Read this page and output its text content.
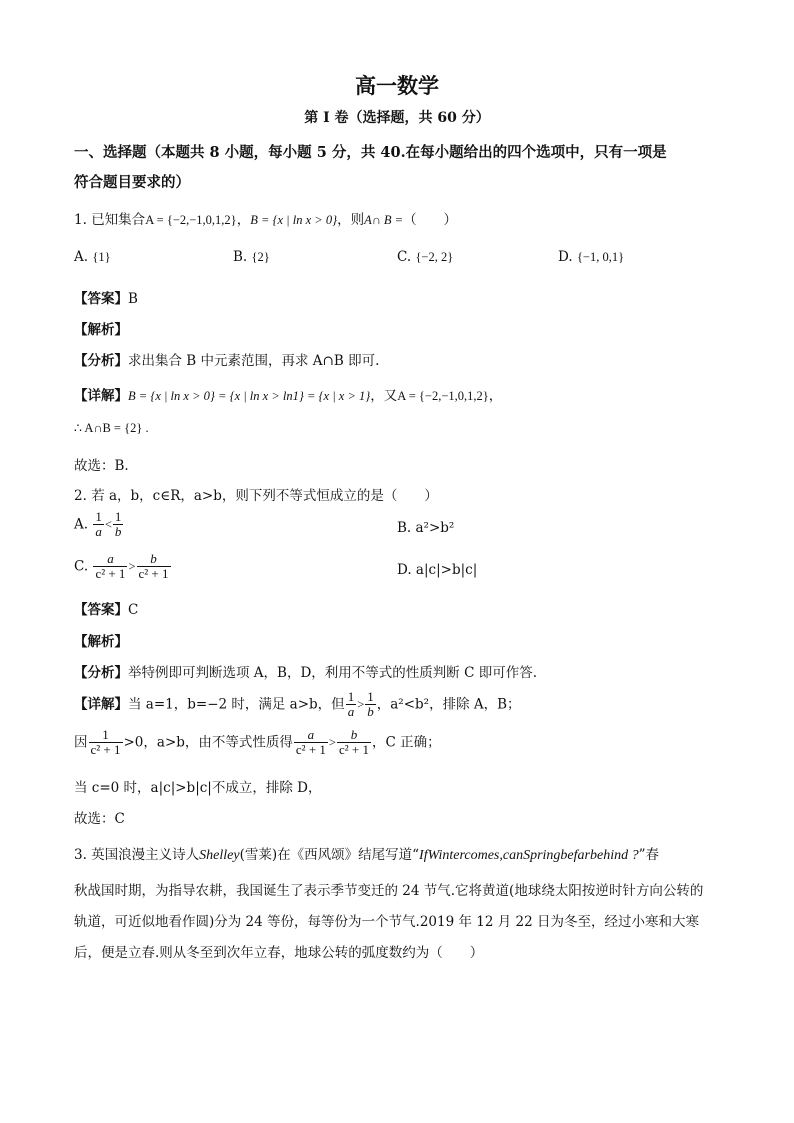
高一数学
第 I 卷（选择题，共 60 分）
一、选择题（本题共 8 小题，每小题 5 分，共 40.在每小题给出的四个选项中，只有一项是
符合题目要求的）
1. 已知集合A = {−2,−1,0,1,2}，B = {x | ln x > 0}，则A∩ B =（　　）
A. {1}	B. {2}	C. {−2, 2}	D. {−1, 0,1}
【答案】B
【解析】
【分析】求出集合 B 中元素范围，再求 A∩B 即可.
【详解】B = {x | ln x > 0} = {x | ln x > ln1} = {x | x > 1}，又A = {−2,−1,0,1,2}，
∴ A∩B = {2} .
故选：B.
2. 若 a，b，c∈R，a>b，则下列不等式恒成立的是（　　）
A. $\frac{1}{a} < \frac{1}{b}$	B. a²>b²
C. $\frac{a}{\text{c² + 1}} > \frac{b}{\text{c² + 1}}$	D. a|c|>b|c|
【答案】C
【解析】
【分析】举特例即可判断选项 A，B，D，利用不等式的性质判断 C 即可作答.
【详解】当 a=1，b=−2 时，满足 a>b，但 $\frac{1}{a} > \frac{1}{b}$ ，a²<b²，排除 A，B；
因 $\frac{1}{\text{c² + 1}} >0$，a>b，由不等式性质得 $\frac{a}{\text{c² + 1}} > \frac{b}{\text{c² + 1}}$ ，C 正确；
当 c=0 时，a|c|>b|c|不成立，排除 D，
故选：C
3. 英国浪漫主义诗人Shelley(雪莱)在《西风颂》结尾写道“IfWintercomes,canSpringbefarbehind ?”春
秋战国时期，为指导农耕，我国诞生了表示季节变迁的 24 节气.它将黄道(地球绕太阳按逆时针方向公转的
轨道，可近似地看作圆)分为 24 等份，每等份为一个节气.2019 年 12 月 22 日为冬至，经过小寒和大寒
后，便是立春.则从冬至到次年立春，地球公转的弧度数约为（　　）
